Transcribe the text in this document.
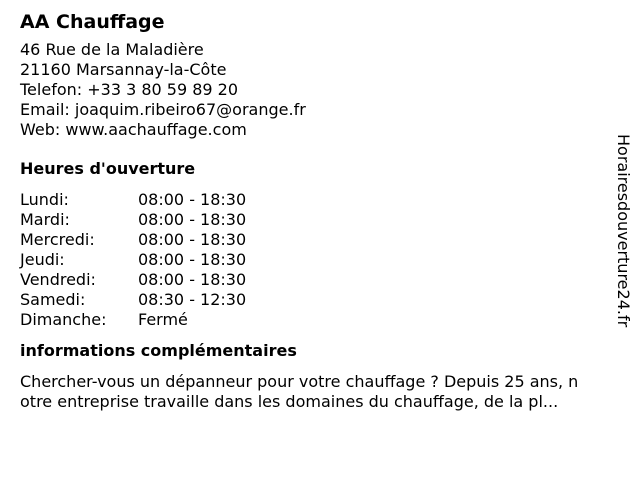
AA Chauffage
46 Rue de la Maladière
21160 Marsannay-la-Côte
Telefon: +33 3 80 59 89 20
Email: joaquim.ribeiro67@orange.fr
Web: www.aachauffage.com
Heures d'ouverture
Lundi:	08:00 - 18:30
Mardi:	08:00 - 18:30
Mercredi:	08:00 - 18:30
Jeudi:	08:00 - 18:30
Vendredi:	08:00 - 18:30
Samedi:	08:30 - 12:30
Dimanche:	Fermé
informations complémentaires

Chercher-vous un dépanneur pour votre chauffage ? Depuis 25 ans, n

otre entreprise travaille dans les domaines du chauffage, de la pl...

Horairesdouverture24.fr
